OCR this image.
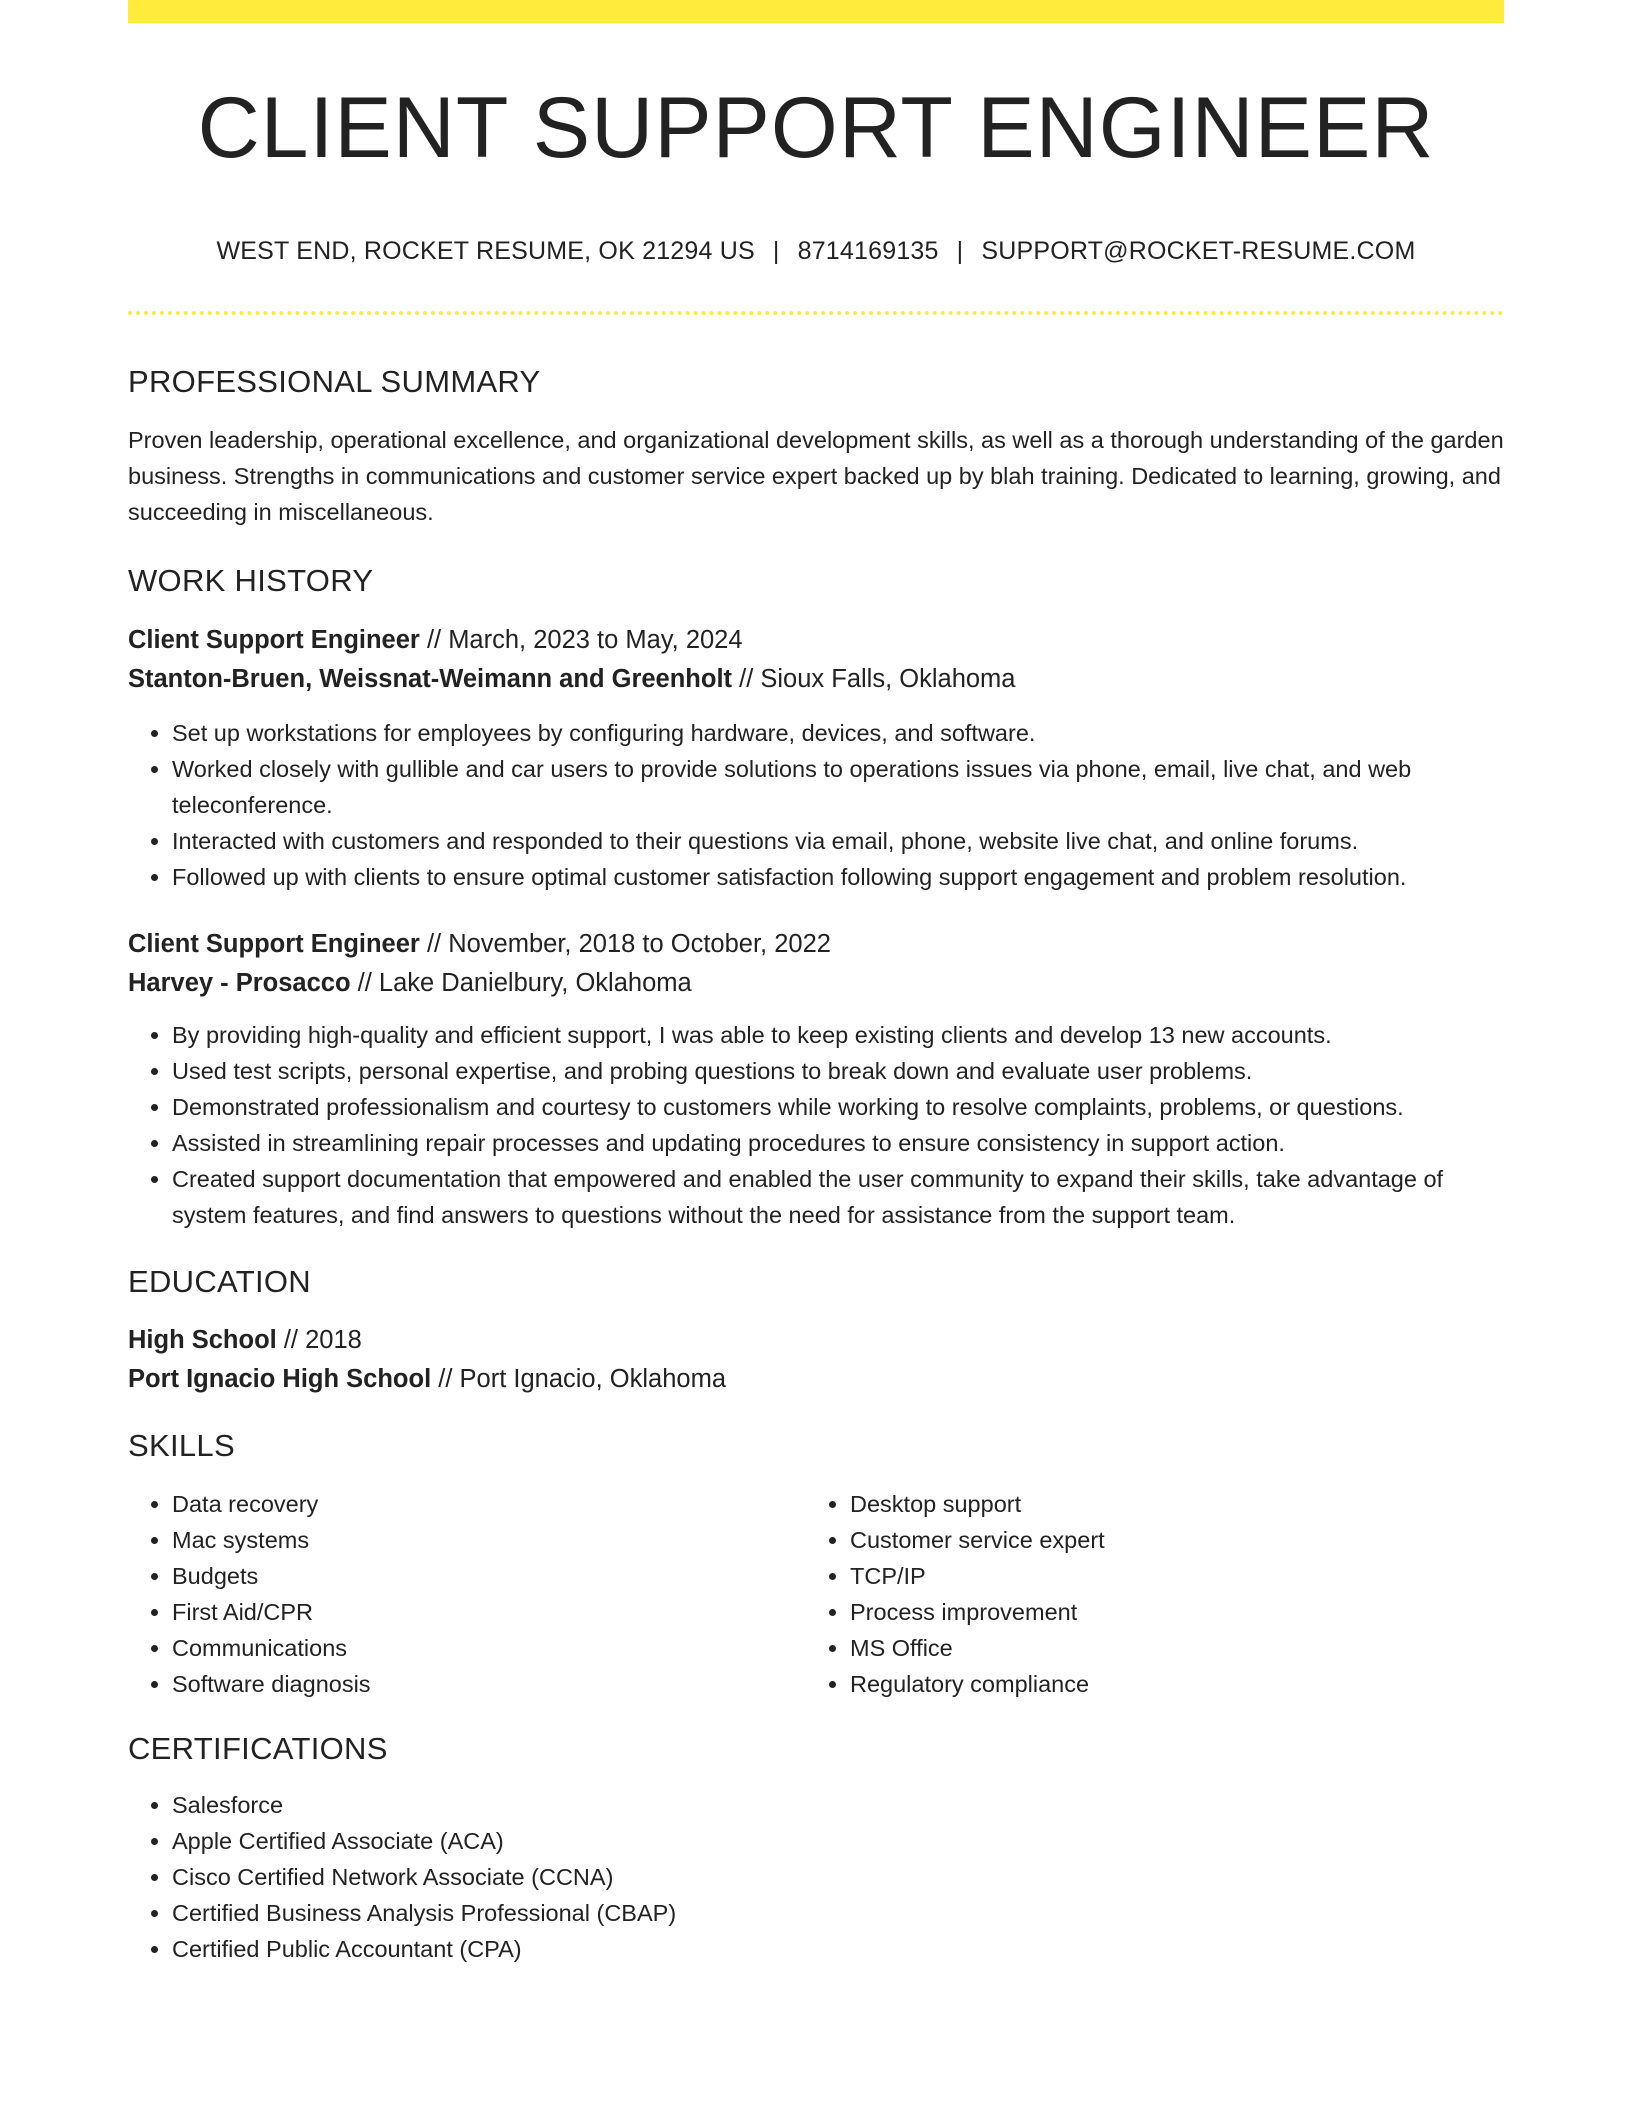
CLIENT SUPPORT ENGINEER
WEST END, ROCKET RESUME, OK 21294 US | 8714169135 | SUPPORT@ROCKET-RESUME.COM
PROFESSIONAL SUMMARY

Proven leadership, operational excellence, and organizational development skills, as well as a thorough understanding of the garden business. Strengths in communications and customer service expert backed up by blah training. Dedicated to learning, growing, and succeeding in miscellaneous.

WORK HISTORY
Client Support Engineer // March, 2023 to May, 2024
Stanton-Bruen, Weissnat-Weimann and Greenholt // Sioux Falls, Oklahoma
• Set up workstations for employees by configuring hardware, devices, and software.
• Worked closely with gullible and car users to provide solutions to operations issues via phone, email, live chat, and web teleconference.
• Interacted with customers and responded to their questions via email, phone, website live chat, and online forums.
• Followed up with clients to ensure optimal customer satisfaction following support engagement and problem resolution.
Client Support Engineer // November, 2018 to October, 2022
Harvey - Prosacco // Lake Danielbury, Oklahoma
• By providing high-quality and efficient support, I was able to keep existing clients and develop 13 new accounts.
• Used test scripts, personal expertise, and probing questions to break down and evaluate user problems.
• Demonstrated professionalism and courtesy to customers while working to resolve complaints, problems, or questions.
• Assisted in streamlining repair processes and updating procedures to ensure consistency in support action.
• Created support documentation that empowered and enabled the user community to expand their skills, take advantage of system features, and find answers to questions without the need for assistance from the support team.
EDUCATION
High School // 2018
Port Ignacio High School // Port Ignacio, Oklahoma
SKILLS
• Data recovery
• Mac systems
• Budgets
• First Aid/CPR
• Communications
• Software diagnosis
• Desktop support
• Customer service expert
• TCP/IP
• Process improvement
• MS Office
• Regulatory compliance
CERTIFICATIONS
• Salesforce
• Apple Certified Associate (ACA)
• Cisco Certified Network Associate (CCNA)
• Certified Business Analysis Professional (CBAP)
• Certified Public Accountant (CPA)
